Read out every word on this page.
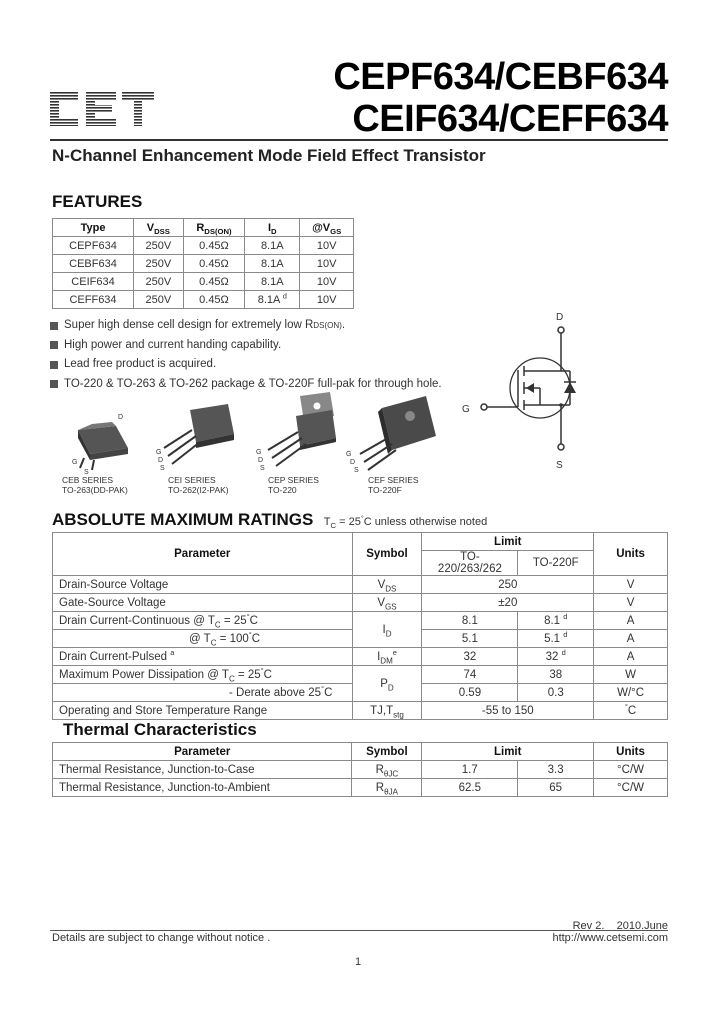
CEPF634/CEBF634
CEIF634/CEFF634
N-Channel Enhancement Mode Field Effect Transistor
FEATURES
Type	$V_{DSS}$	$R_{DS(ON)}$	$I_D$	$@V_{GS}$
CEPF634	250V	0.45Ω	8.1A	10V
CEBF634	250V	0.45Ω	8.1A	10V
CEIF634	250V	0.45Ω	8.1A	10V
CEFF634	250V	0.45Ω	8.1A $^d$	10V
Super high dense cell design for extremely low R DS(ON) .
High power and current handing capability.
Lead free product is acquired.
TO-220 & TO-263 & TO-262 package & TO-220F full-pak for through hole.
D
G
S
D
G
S
G
D
S
G
D
S
G
D
S
CEB SERIES
TO-263(DD-PAK)
CEI SERIES
TO-262(I2-PAK)
CEP SERIES
TO-220
CEF SERIES
TO-220F
ABSOLUTE MAXIMUM RATINGS $T_C = 25^\circ C$ unless otherwise noted
Parameter	Symbol	Limit		Units
		TO-220/263/262	TO-220F	
Drain-Source Voltage	$V_{DS}$	250		V
Gate-Source Voltage	$V_{GS}$	±20		V
Drain Current-Continuous @ $T_C = 25^\circ C$	$I_D$	8.1	8.1 $^d$	A
@ $T_C = 100^\circ C$		5.1	5.1 $^d$	A
Drain Current-Pulsed $^a$	$I_{DM}^e$	32	32 $^d$	A
Maximum Power Dissipation @ $T_C = 25^\circ C$	$P_D$	74	38	W
- Derate above 25°C		0.59	0.3	W/°C
Operating and Store Temperature Range	$TJ,T_{stg}$	-55 to 150		°C
Thermal Characteristics
Parameter	Symbol	Limit		Units
Thermal Resistance, Junction-to-Case	$R_{\theta JC}$	1.7	3.3	°C/W
Thermal Resistance, Junction-to-Ambient	$R_{\theta JA}$	62.5	65	°C/W
Rev 2.    2010.June
Details are subject to change without notice .	http://www.cetsemi.com
1
